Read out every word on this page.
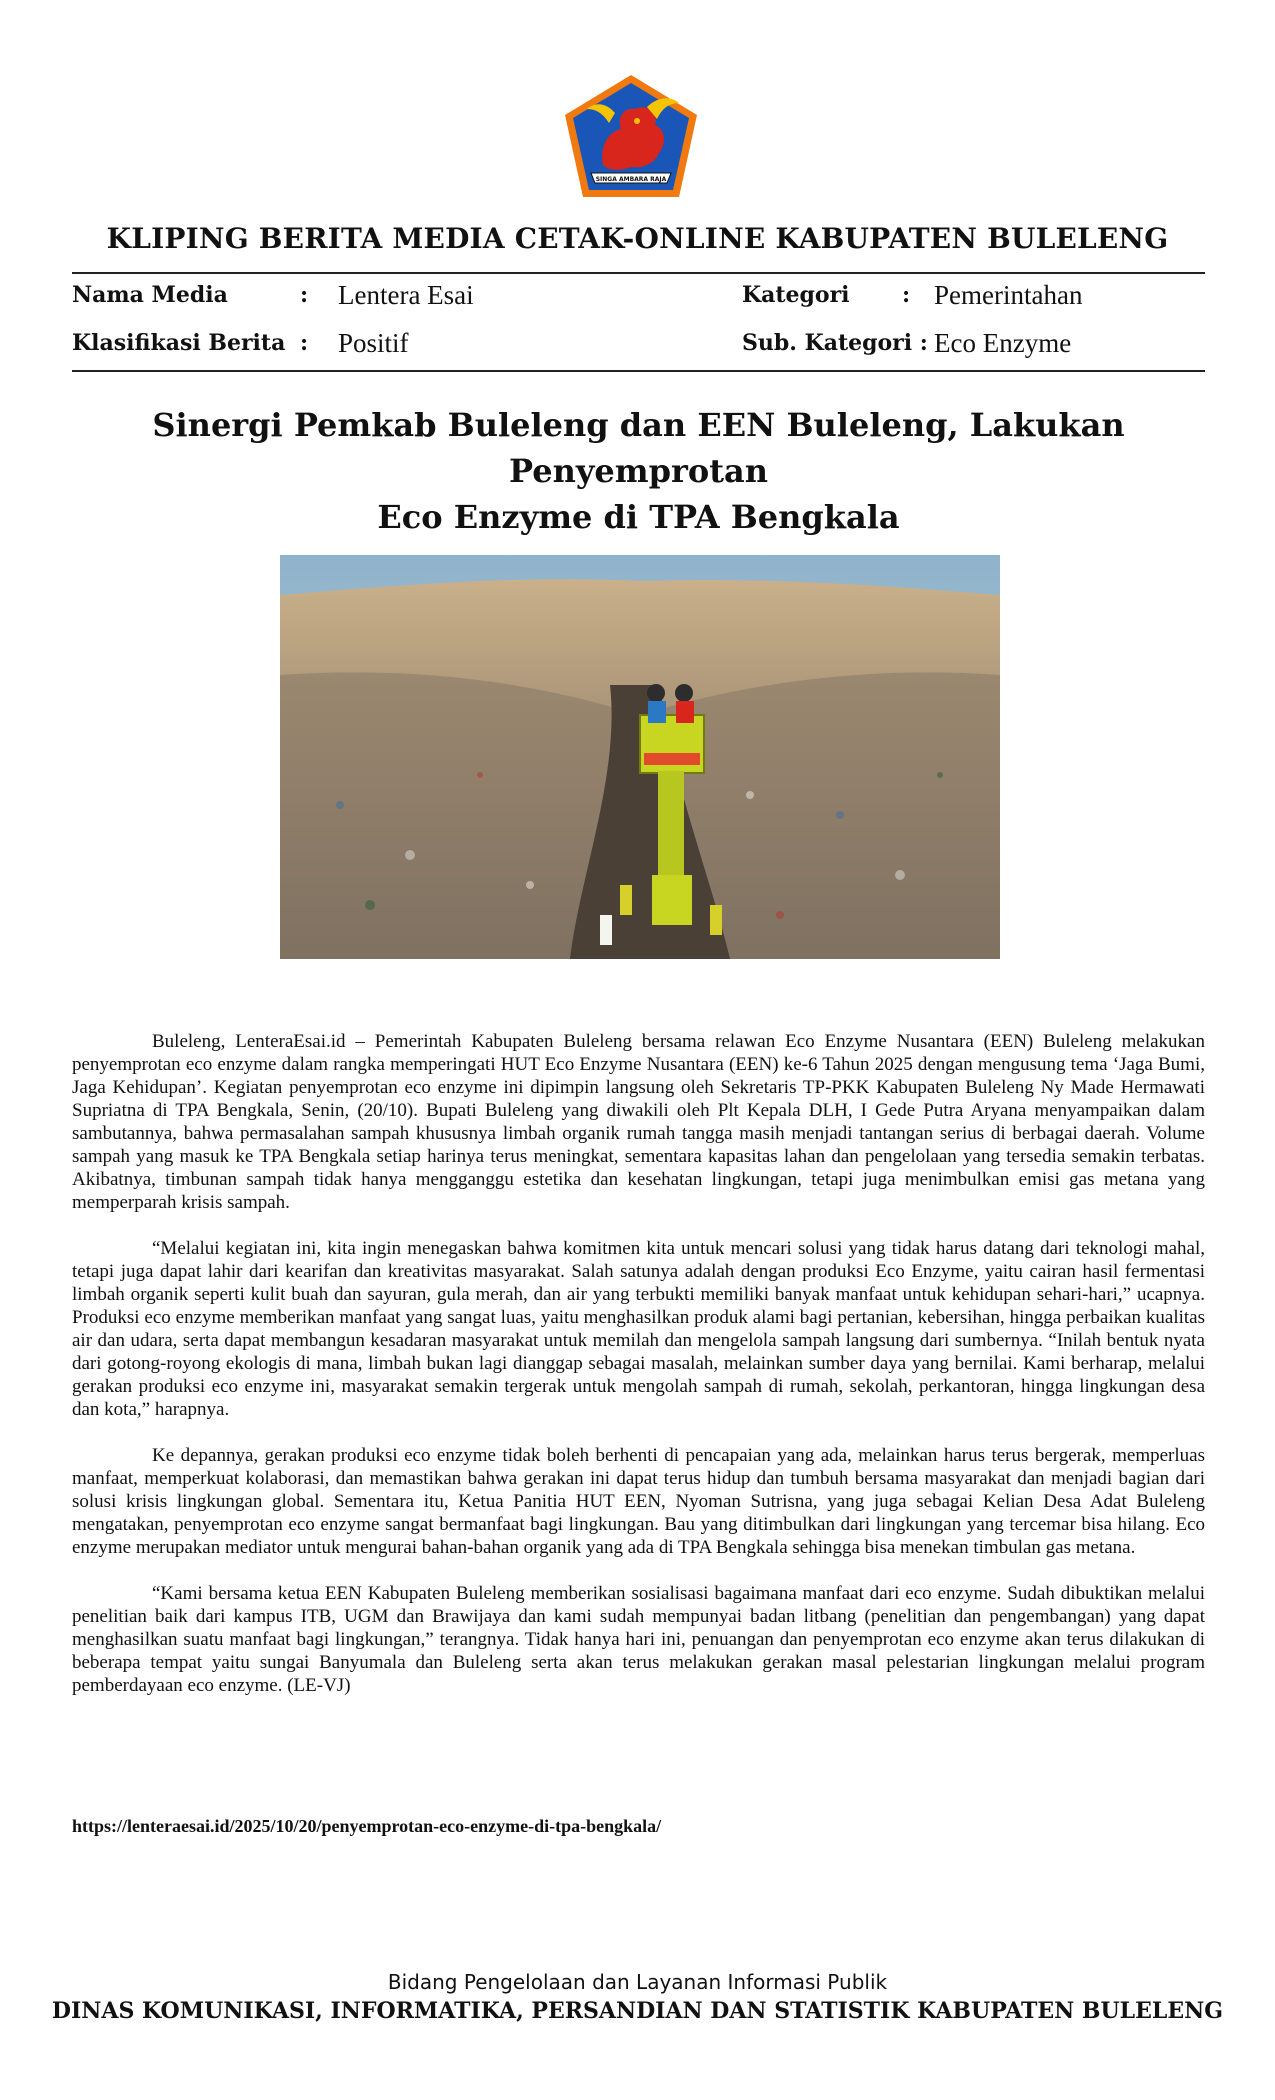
SINGA AMBARA RAJA
KLIPING BERITA MEDIA CETAK-ONLINE KABUPATEN BULELENG
Nama Media	: Lentera Esai
Klasifikasi Berita : Positif
Kategori : Pemerintahan
Sub. Kategori : Eco Enzyme
Sinergi Pemkab Buleleng dan EEN Buleleng, Lakukan Penyemprotan
Eco Enzyme di TPA Bengkala

Buleleng, LenteraEsai.id – Pemerintah Kabupaten Buleleng bersama relawan Eco Enzyme Nusantara (EEN) Buleleng melakukan penyemprotan eco enzyme dalam rangka memperingati HUT Eco Enzyme Nusantara (EEN) ke-6 Tahun 2025 dengan mengusung tema ‘Jaga Bumi, Jaga Kehidupan’. Kegiatan penyemprotan eco enzyme ini dipimpin langsung oleh Sekretaris TP-PKK Kabupaten Buleleng Ny Made Hermawati Supriatna di TPA Bengkala, Senin, (20/10). Bupati Buleleng yang diwakili oleh Plt Kepala DLH, I Gede Putra Aryana menyampaikan dalam sambutannya, bahwa permasalahan sampah khususnya limbah organik rumah tangga masih menjadi tantangan serius di berbagai daerah. Volume sampah yang masuk ke TPA Bengkala setiap harinya terus meningkat, sementara kapasitas lahan dan pengelolaan yang tersedia semakin terbatas. Akibatnya, timbunan sampah tidak hanya mengganggu estetika dan kesehatan lingkungan, tetapi juga menimbulkan emisi gas metana yang memperparah krisis sampah.

“Melalui kegiatan ini, kita ingin menegaskan bahwa komitmen kita untuk mencari solusi yang tidak harus datang dari teknologi mahal, tetapi juga dapat lahir dari kearifan dan kreativitas masyarakat. Salah satunya adalah dengan produksi Eco Enzyme, yaitu cairan hasil fermentasi limbah organik seperti kulit buah dan sayuran, gula merah, dan air yang terbukti memiliki banyak manfaat untuk kehidupan sehari-hari,” ucapnya. Produksi eco enzyme memberikan manfaat yang sangat luas, yaitu menghasilkan produk alami bagi pertanian, kebersihan, hingga perbaikan kualitas air dan udara, serta dapat membangun kesadaran masyarakat untuk memilah dan mengelola sampah langsung dari sumbernya. “Inilah bentuk nyata dari gotong-royong ekologis di mana, limbah bukan lagi dianggap sebagai masalah, melainkan sumber daya yang bernilai. Kami berharap, melalui gerakan produksi eco enzyme ini, masyarakat semakin tergerak untuk mengolah sampah di rumah, sekolah, perkantoran, hingga lingkungan desa dan kota,” harapnya.

Ke depannya, gerakan produksi eco enzyme tidak boleh berhenti di pencapaian yang ada, melainkan harus terus bergerak, memperluas manfaat, memperkuat kolaborasi, dan memastikan bahwa gerakan ini dapat terus hidup dan tumbuh bersama masyarakat dan menjadi bagian dari solusi krisis lingkungan global. Sementara itu, Ketua Panitia HUT EEN, Nyoman Sutrisna, yang juga sebagai Kelian Desa Adat Buleleng mengatakan, penyemprotan eco enzyme sangat bermanfaat bagi lingkungan. Bau yang ditimbulkan dari lingkungan yang tercemar bisa hilang. Eco enzyme merupakan mediator untuk mengurai bahan-bahan organik yang ada di TPA Bengkala sehingga bisa menekan timbulan gas metana.

“Kami bersama ketua EEN Kabupaten Buleleng memberikan sosialisasi bagaimana manfaat dari eco enzyme. Sudah dibuktikan melalui penelitian baik dari kampus ITB, UGM dan Brawijaya dan kami sudah mempunyai badan litbang (penelitian dan pengembangan) yang dapat menghasilkan suatu manfaat bagi lingkungan,” terangnya. Tidak hanya hari ini, penuangan dan penyemprotan eco enzyme akan terus dilakukan di beberapa tempat yaitu sungai Banyumala dan Buleleng serta akan terus melakukan gerakan masal pelestarian lingkungan melalui program pemberdayaan eco enzyme. (LE-VJ)

https://lenteraesai.id/2025/10/20/penyemprotan-eco-enzyme-di-tpa-bengkala/
Bidang Pengelolaan dan Layanan Informasi Publik
DINAS KOMUNIKASI, INFORMATIKA, PERSANDIAN DAN STATISTIK KABUPATEN BULELENG
